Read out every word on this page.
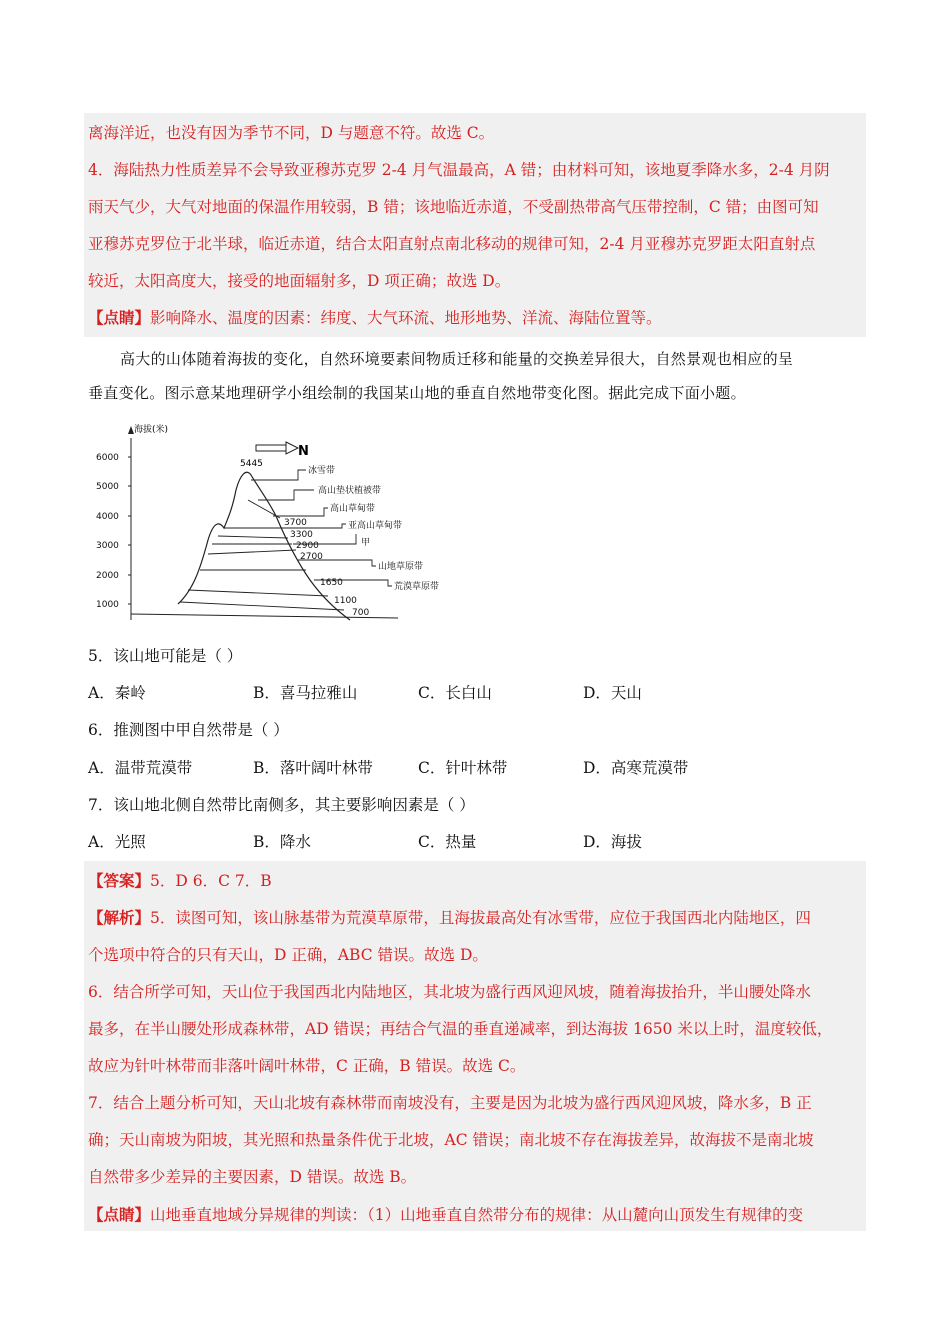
离海洋近，也没有因为季节不同，D 与题意不符。故选 C。
4．海陆热力性质差异不会导致亚穆苏克罗 2-4 月气温最高，A 错；由材料可知，该地夏季降水多，2-4 月阴
雨天气少，大气对地面的保温作用较弱，B 错；该地临近赤道，不受副热带高气压带控制，C 错；由图可知
亚穆苏克罗位于北半球，临近赤道，结合太阳直射点南北移动的规律可知，2-4 月亚穆苏克罗距太阳直射点
较近，太阳高度大，接受的地面辐射多，D 项正确；故选 D。
【点睛】影响降水、温度的因素：纬度、大气环流、地形地势、洋流、海陆位置等。
高大的山体随着海拔的变化，自然环境要素间物质迁移和能量的交换差异很大，自然景观也相应的呈
垂直变化。图示意某地理研学小组绘制的我国某山地的垂直自然地带变化图。据此完成下面小题。
海拔(米)
6000
5000
4000
3000
2000
1000
N
5445
冰雪带
高山垫状植被带
高山草甸带
亚高山草甸带
甲
山地草原带
荒漠草原带
3700
3300
2900
2700
1650
1100
700
5．该山地可能是（ ）
A．秦岭	B．喜马拉雅山	C．长白山	D．天山
6．推测图中甲自然带是（ ）
A．温带荒漠带	B．落叶阔叶林带	C．针叶林带	D．高寒荒漠带
7．该山地北侧自然带比南侧多，其主要影响因素是（ ）
A．光照	B．降水	C．热量	D．海拔
【答案】5．D 6．C 7．B
【解析】5．读图可知，该山脉基带为荒漠草原带，且海拔最高处有冰雪带，应位于我国西北内陆地区，四
个选项中符合的只有天山，D 正确，ABC 错误。故选 D。
6．结合所学可知，天山位于我国西北内陆地区，其北坡为盛行西风迎风坡，随着海拔抬升，半山腰处降水
最多，在半山腰处形成森林带，AD 错误；再结合气温的垂直递减率，到达海拔 1650 米以上时，温度较低，
故应为针叶林带而非落叶阔叶林带，C 正确，B 错误。故选 C。
7．结合上题分析可知，天山北坡有森林带而南坡没有，主要是因为北坡为盛行西风迎风坡，降水多，B 正
确；天山南坡为阳坡，其光照和热量条件优于北坡，AC 错误；南北坡不存在海拔差异，故海拔不是南北坡
自然带多少差异的主要因素，D 错误。故选 B。
【点睛】山地垂直地域分异规律的判读：（1）山地垂直自然带分布的规律：从山麓向山顶发生有规律的变
